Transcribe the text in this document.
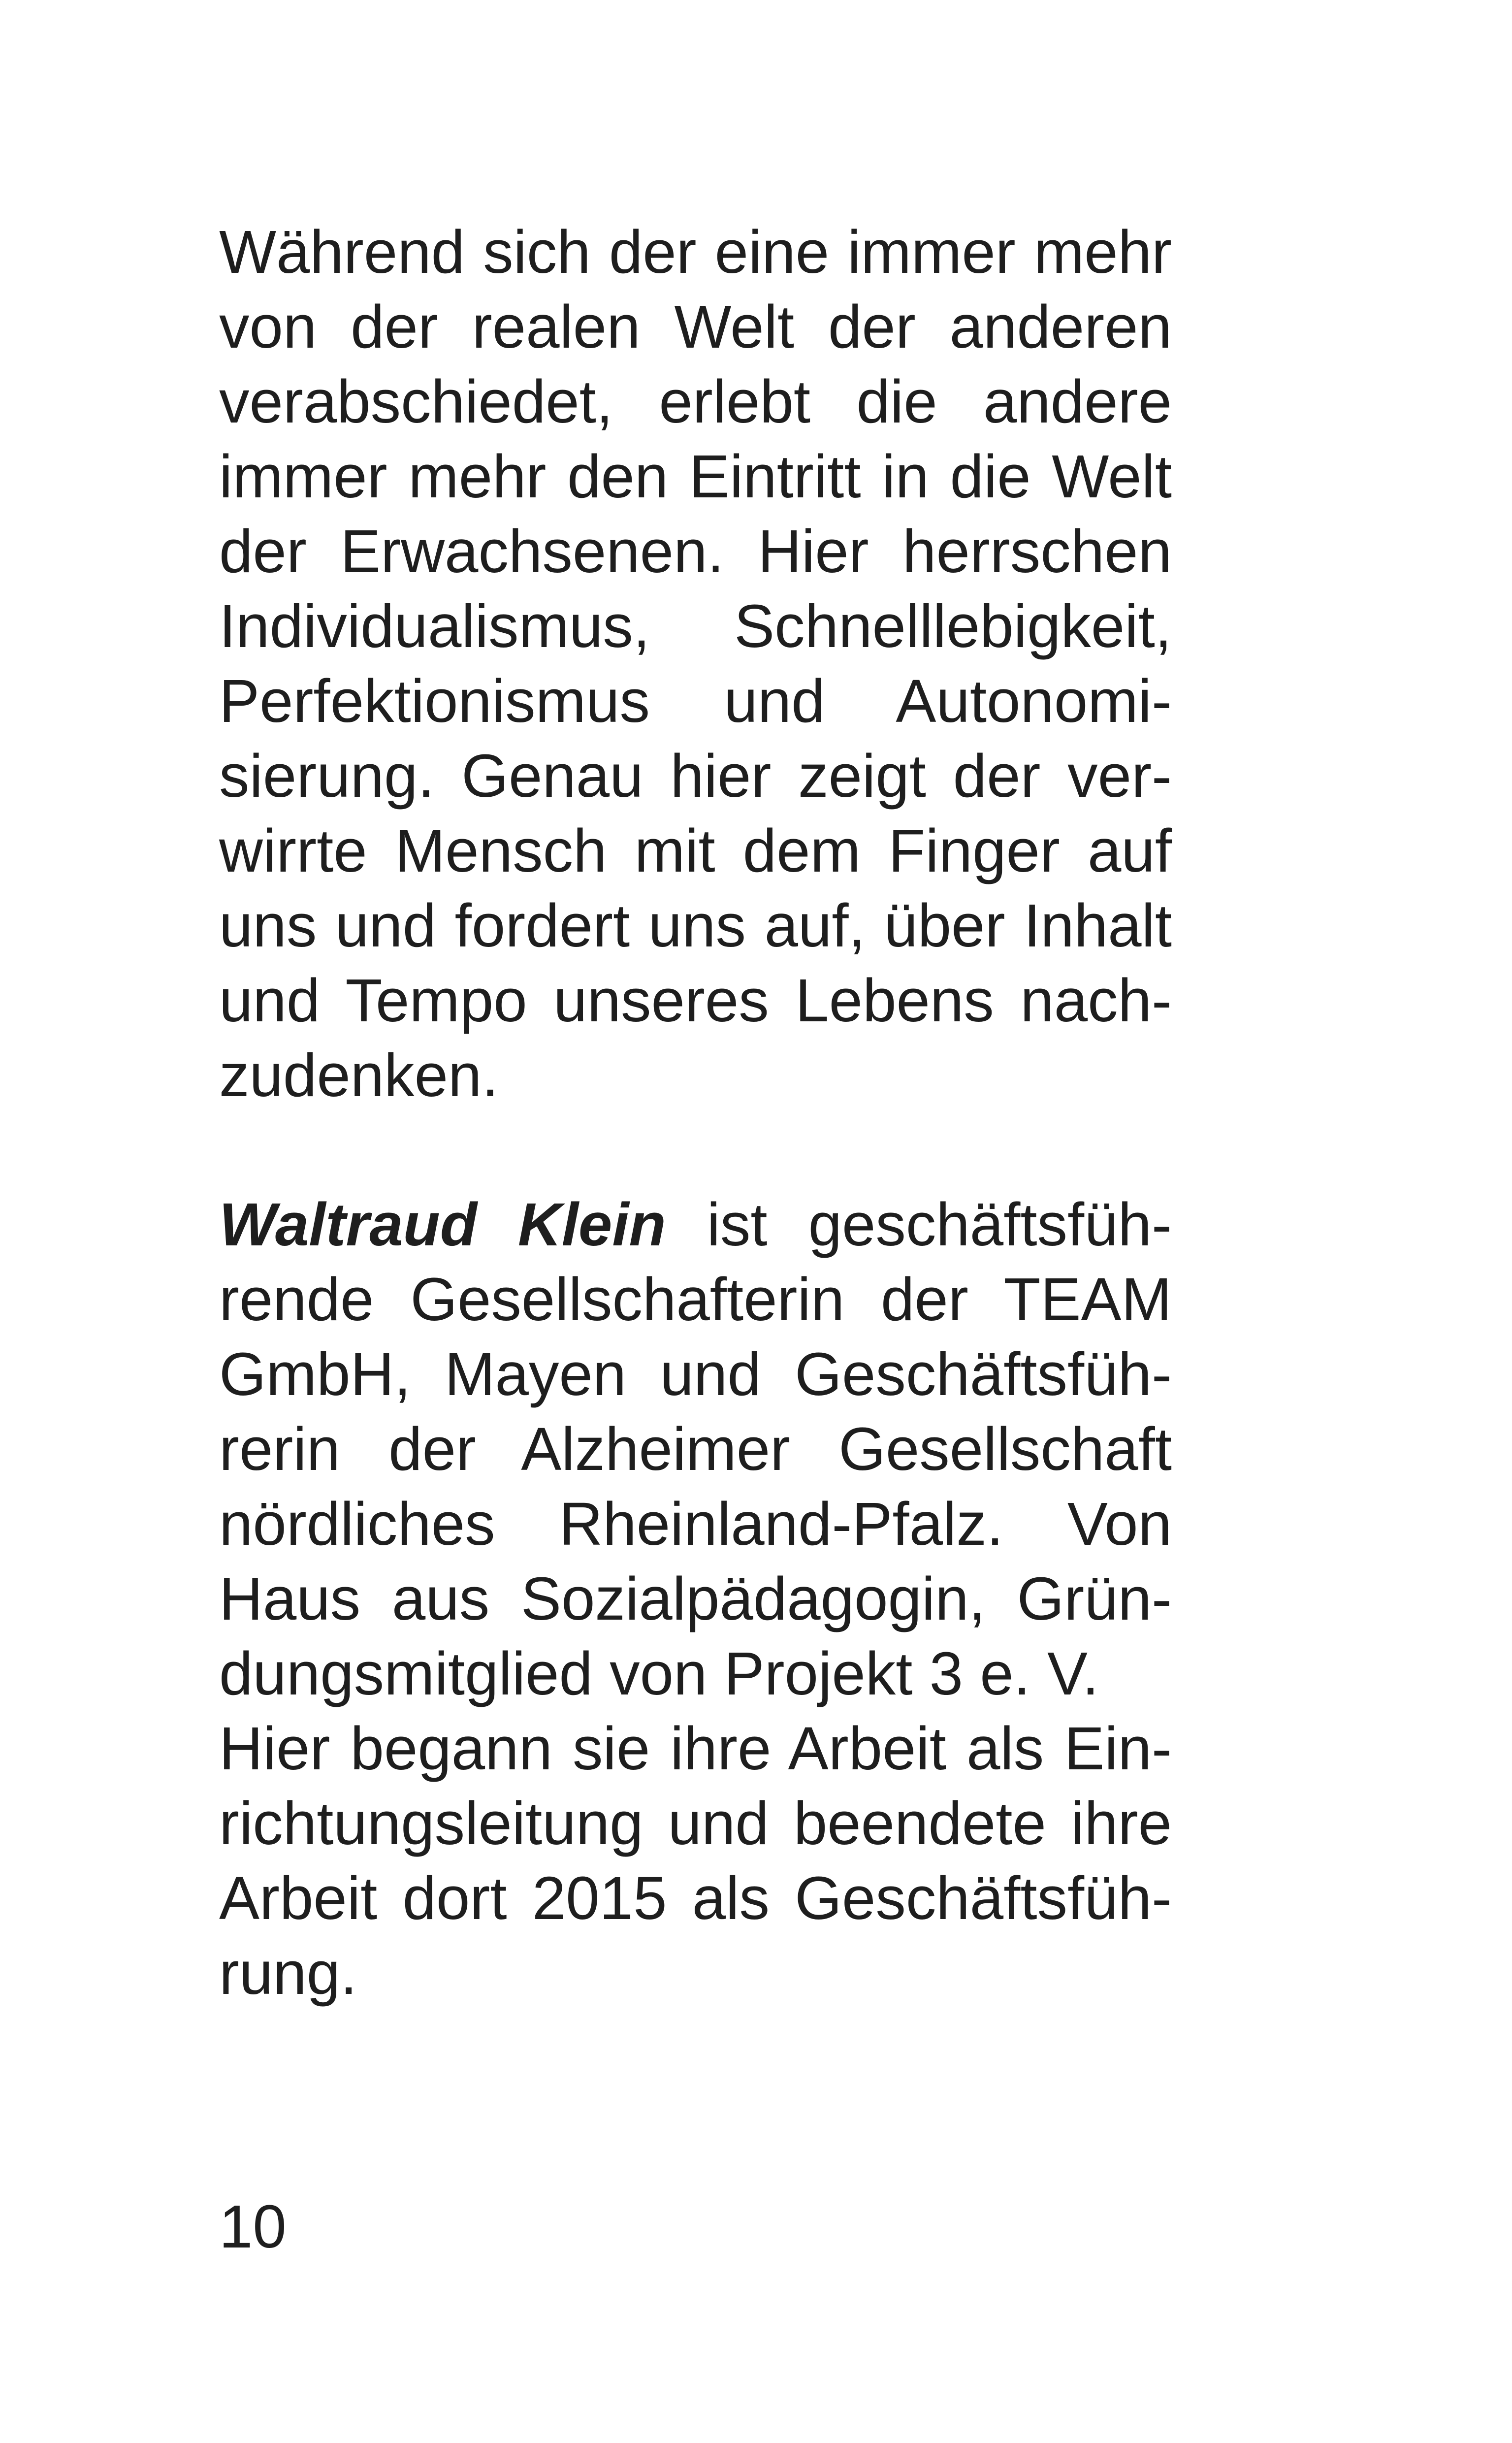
Während sich der eine immer mehr
von der realen Welt der anderen
verabschiedet, erlebt die andere
immer mehr den Eintritt in die Welt
der Erwachsenen. Hier herrschen
Individualismus, Schnelllebigkeit,
Perfektionismus und Autonomi-
sierung. Genau hier zeigt der ver-
wirrte Mensch mit dem Finger auf
uns und fordert uns auf, über Inhalt
und Tempo unseres Lebens nach-
zudenken.
Waltraud Klein ist geschäftsfüh-
rende Gesellschafterin der TEAM
GmbH, Mayen und Geschäftsfüh-
rerin der Alzheimer Gesellschaft
nördliches Rheinland-Pfalz. Von
Haus aus Sozialpädagogin, Grün-
dungsmitglied von Projekt 3 e. V.
Hier begann sie ihre Arbeit als Ein-
richtungsleitung und beendete ihre
Arbeit dort 2015 als Geschäftsfüh-
rung.
10
